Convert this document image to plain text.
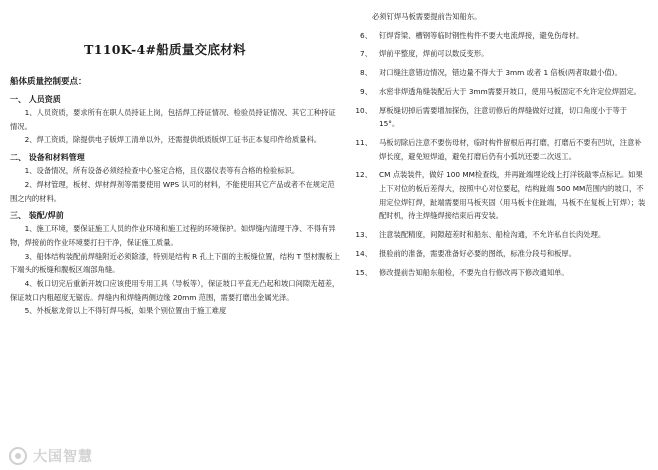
T110K-4#船质量交底材料
船体质量控制要点：
一、 人员资质

1、人员资质，要求所有在职人员持证上岗，包括焊工持证情况、检验员持证情况、其它工种持证情况。

2、焊工资质，除提供电子版焊工清单以外，还需提供纸质版焊工证书正本复印件给质量科。

二、 设备和材料管理

1、设备情况，所有设备必须经检查中心鉴定合格，且仪器仪表等有合格的检验标识。

2、焊材管理，板材、焊材焊剂等需要使用 WPS 认可的材料，不能使用其它产品或者不在规定范围之内的材料。

三、 装配/焊前

1、施工环境，要保证施工人员的作业环境和施工过程的环境保护。如焊缝内清理干净、不得有异物，焊接前的作业环境要打扫干净，保证施工质量。

3、船体结构装配前焊缝附近必须除漆，特别是结构 R 孔上下面的主板缝位置，结构 T 型材腹板上下端头的板缝和腹板区端部角缝。

4、板口切完后重新开坡口应该使用专用工具（导板等），保证坡口平直无凸起和坡口间隙无超差，保证坡口内粗超度无锯齿。焊缝内和焊缝两侧边缘 20mm 范围，需要打磨出金属光泽。

5、外板舷龙骨以上不得钉焊马板，如果个别位置由于施工难度

必须钉焊马板需要提前告知船东。
6、 钉焊背梁、槽钢等临时钢性构件不要大电流焊接，避免伤母材。
7、 焊前平整度，焊前可以数反变形。
8、 对口缝注意错边情况，错边量不得大于 3mm 或者 1 倍板(两者取最小值)。
9、 水密非焊透角缝装配后大于 3mm需要开坡口，使用马板固定不允许定位焊固定。
10、 厚板缝切掉后需要增加探伤，注意切修后的焊缝做好过渡，切口角度小于等于 15°。
11、 马板切除后注意不要伤母材，临时构件留根后再打磨，打磨后不要有凹坑，注意补焊长度，避免短焊道，避免打磨后仍有小弧坑还要二次返工。
12、 CM 点装装件，做好 100 MM检查线，并再趾端埋论线上打洋铳敲零点标记。如果上下对位的板后差得大，按照中心对位要起，结构趾端 500 MM范围内的坡口，不用定位焊钉焊，趾端需要用马板夹固（用马板卡住趾端，马板不在复板上钉焊）；装配时机，待主焊缝焊接结束后再安装。
13、 注意装配精度，间隙超差时和船东、船检沟通，不允许私自长肉处理。
14、 报验前的准备，需要准备好必要的图纸，标准分段号和板厚。
15、 修改提前告知船东船检，不要先自行修改再下修改通知单。
大国智慧
